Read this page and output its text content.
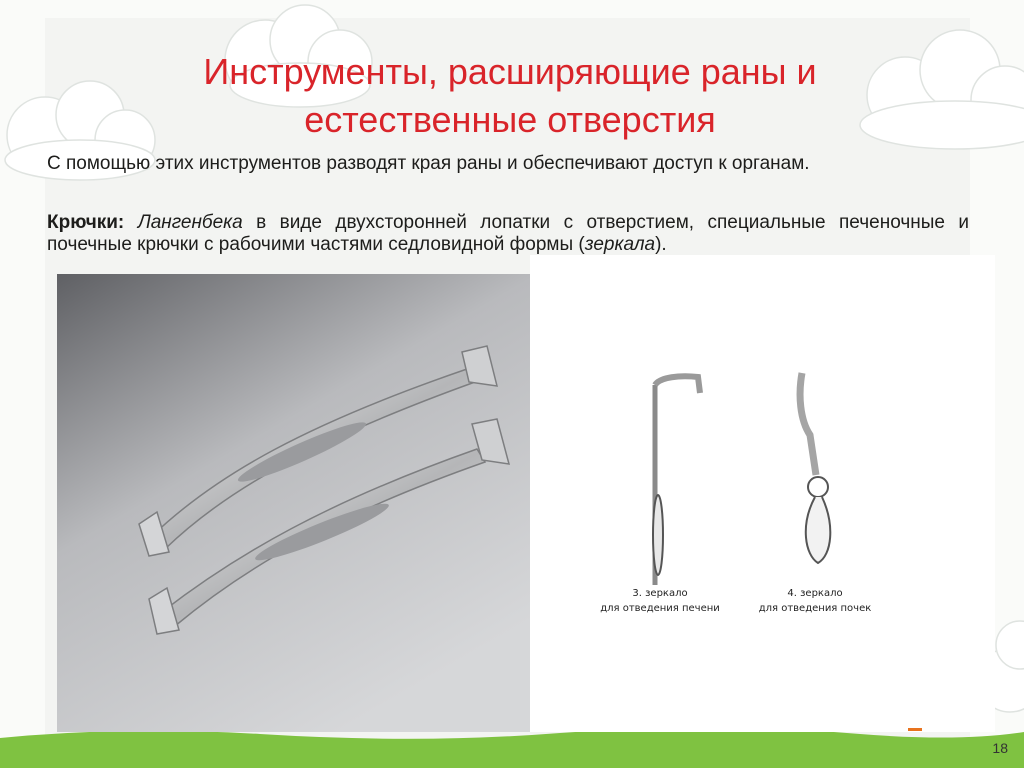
Инструменты, расширяющие раны и
естественные отверстия

С помощью этих инструментов разводят края раны и обеспечивают доступ к органам.

Крючки: Лангенбека в виде двухсторонней лопатки с отверстием, специальные печеночные и почечные крючки с рабочими частями седловидной формы (зеркала).

3. зеркало
для отведения печени
4. зеркало
для отведения почек
18
